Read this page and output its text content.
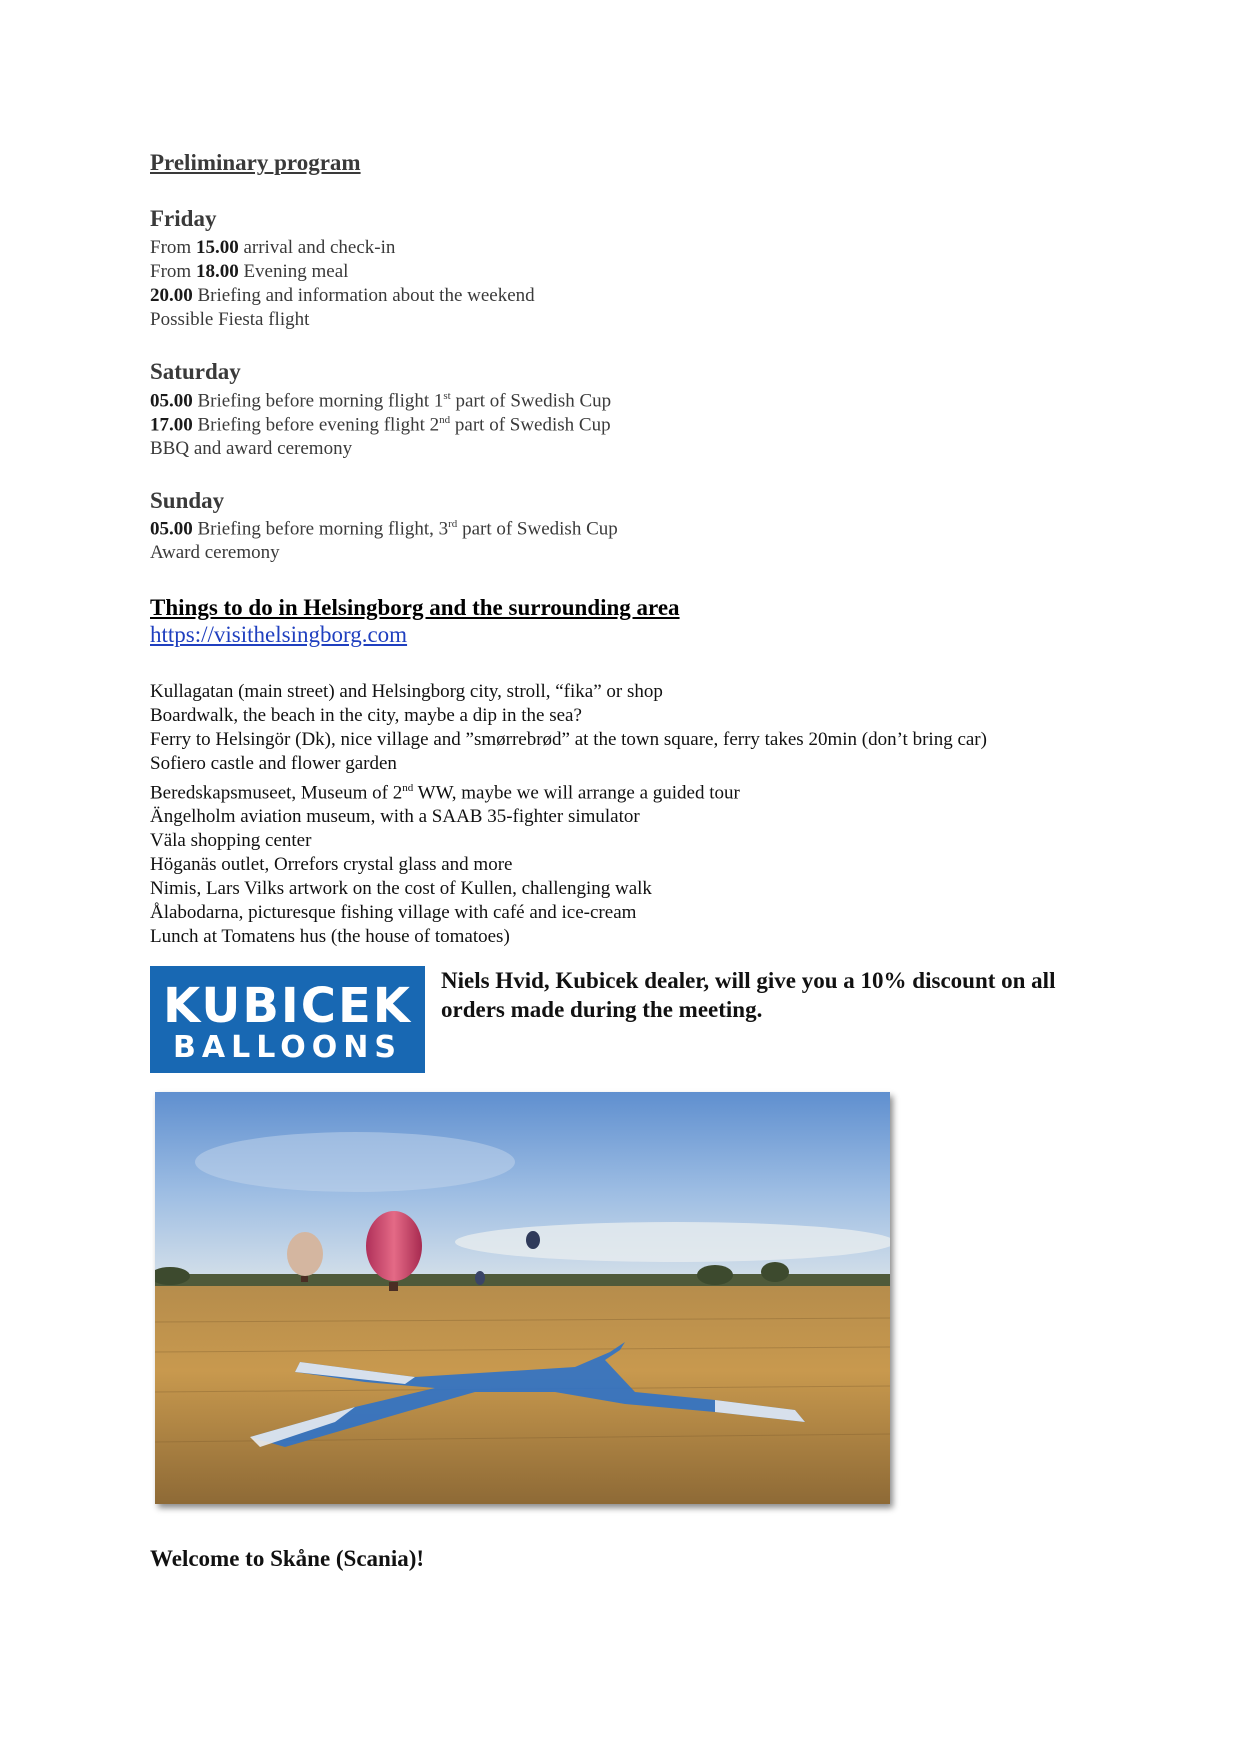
Preliminary program
Friday
From 15.00 arrival and check-in
From 18.00 Evening meal
20.00 Briefing and information about the weekend
Possible Fiesta flight
Saturday
05.00 Briefing before morning flight 1st part of Swedish Cup
17.00 Briefing before evening flight 2nd part of Swedish Cup
BBQ and award ceremony
Sunday
05.00 Briefing before morning flight, 3rd part of Swedish Cup
Award ceremony
Things to do in Helsingborg and the surrounding area
https://visithelsingborg.com
Kullagatan (main street) and Helsingborg city, stroll, “fika” or shop
Boardwalk, the beach in the city, maybe a dip in the sea?
Ferry to Helsingör (Dk), nice village and ”smørrebrød” at the town square, ferry takes 20min (don’t bring car)
Sofiero castle and flower garden
Beredskapsmuseet, Museum of 2nd WW, maybe we will arrange a guided tour
Ängelholm aviation museum, with a SAAB 35-fighter simulator
Väla shopping center
Höganäs outlet, Orrefors crystal glass and more
Nimis, Lars Vilks artwork on the cost of Kullen, challenging walk
Ålabodarna, picturesque fishing village with café and ice-cream
Lunch at Tomatens hus (the house of tomatoes)
KUBICEK
BALLOONS
Niels Hvid, Kubicek dealer, will give you a 10% discount on all orders made during the meeting.
Welcome to Skåne (Scania)!
